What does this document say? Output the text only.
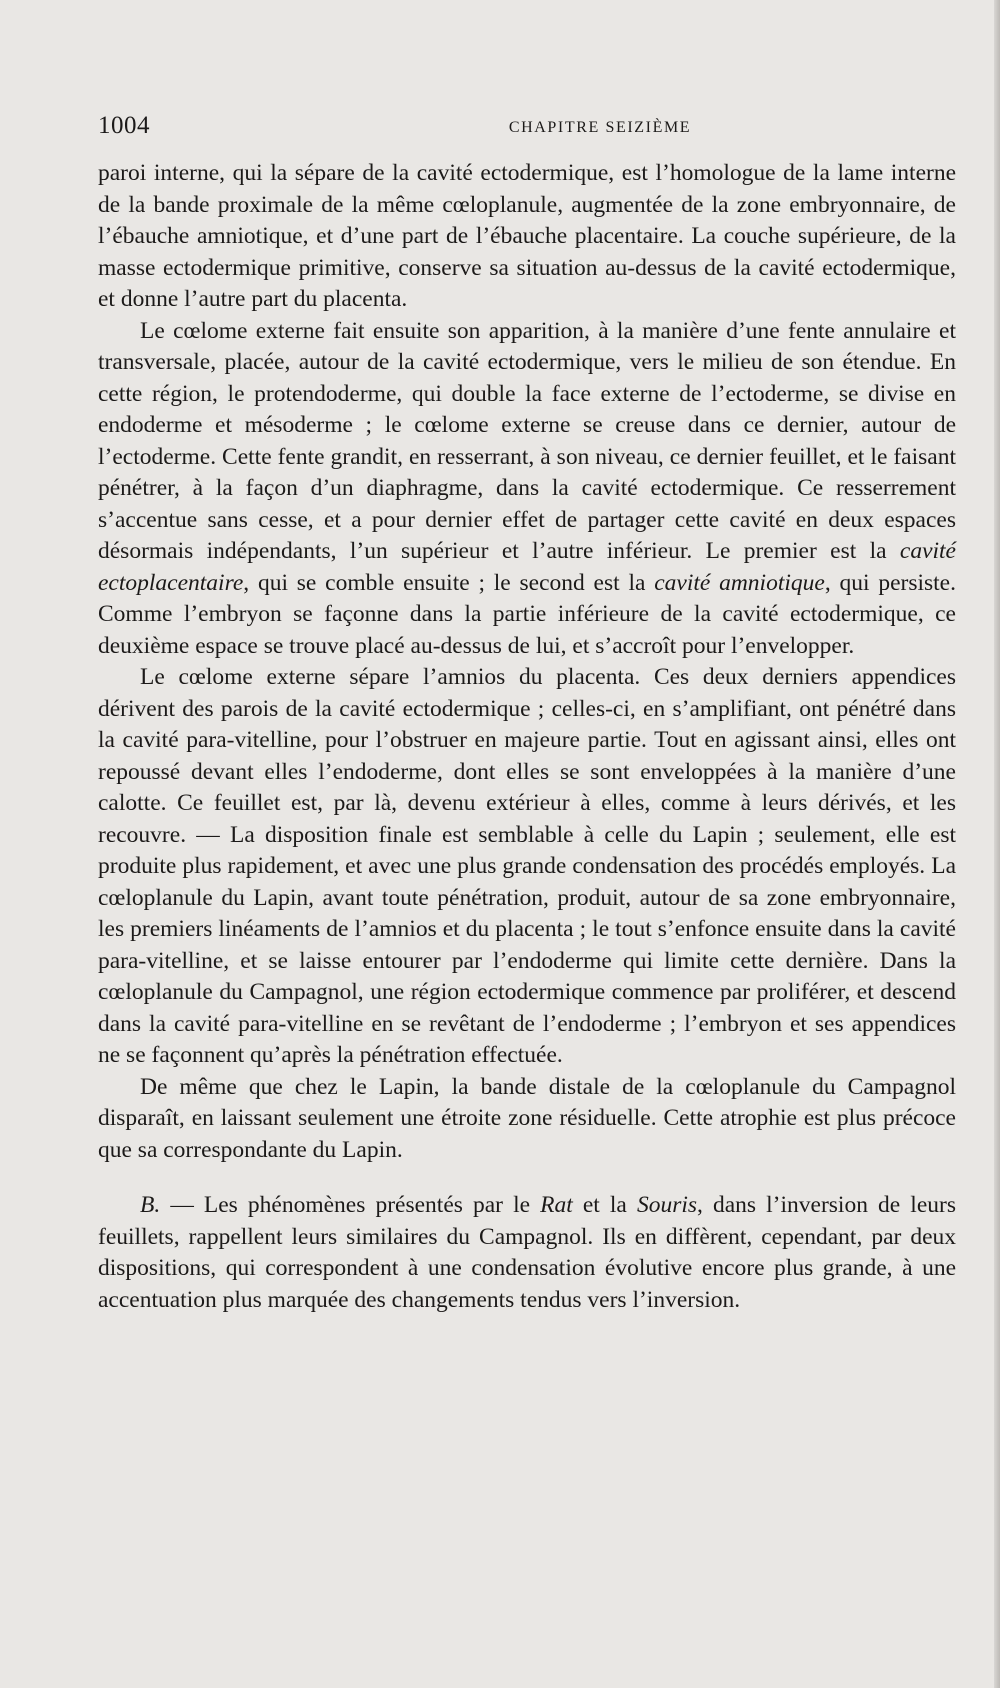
1004	CHAPITRE SEIZIÈME

paroi interne, qui la sépare de la cavité ectodermique, est l’homologue de la lame interne de la bande proximale de la même cœloplanule, augmentée de la zone embryonnaire, de l’ébauche amniotique, et d’une part de l’ébauche placentaire. La couche supérieure, de la masse ectodermique primitive, conserve sa situation au-dessus de la cavité ectodermique, et donne l’autre part du placenta.

Le cœlome externe fait ensuite son apparition, à la manière d’une fente annulaire et transversale, placée, autour de la cavité ectodermique, vers le milieu de son étendue. En cette région, le protendoderme, qui double la face externe de l’ectoderme, se divise en endoderme et mésoderme ; le cœlome externe se creuse dans ce dernier, autour de l’ectoderme. Cette fente grandit, en resserrant, à son niveau, ce dernier feuillet, et le faisant pénétrer, à la façon d’un diaphragme, dans la cavité ectodermique. Ce resserrement s’accentue sans cesse, et a pour dernier effet de partager cette cavité en deux espaces désormais indépendants, l’un supérieur et l’autre inférieur. Le premier est la cavité ectoplacentaire, qui se comble ensuite ; le second est la cavité amniotique, qui persiste. Comme l’embryon se façonne dans la partie inférieure de la cavité ectodermique, ce deuxième espace se trouve placé au-dessus de lui, et s’accroît pour l’envelopper.

Le cœlome externe sépare l’amnios du placenta. Ces deux derniers appendices dérivent des parois de la cavité ectodermique ; celles-ci, en s’amplifiant, ont pénétré dans la cavité para-vitelline, pour l’obstruer en majeure partie. Tout en agissant ainsi, elles ont repoussé devant elles l’endoderme, dont elles se sont enveloppées à la manière d’une calotte. Ce feuillet est, par là, devenu extérieur à elles, comme à leurs dérivés, et les recouvre. — La disposition finale est semblable à celle du Lapin ; seulement, elle est produite plus rapidement, et avec une plus grande condensation des procédés employés. La cœloplanule du Lapin, avant toute pénétration, produit, autour de sa zone embryonnaire, les premiers linéaments de l’amnios et du placenta ; le tout s’enfonce ensuite dans la cavité para-vitelline, et se laisse entourer par l’endoderme qui limite cette dernière. Dans la cœloplanule du Campagnol, une région ectodermique commence par proliférer, et descend dans la cavité para-vitelline en se revêtant de l’endoderme ; l’embryon et ses appendices ne se façonnent qu’après la pénétration effectuée.

De même que chez le Lapin, la bande distale de la cœloplanule du Campagnol disparaît, en laissant seulement une étroite zone résiduelle. Cette atrophie est plus précoce que sa correspondante du Lapin.

B. — Les phénomènes présentés par le Rat et la Souris, dans l’inversion de leurs feuillets, rappellent leurs similaires du Campagnol. Ils en diffèrent, cependant, par deux dispositions, qui correspondent à une condensation évolutive encore plus grande, à une accentuation plus marquée des changements tendus vers l’inversion.
